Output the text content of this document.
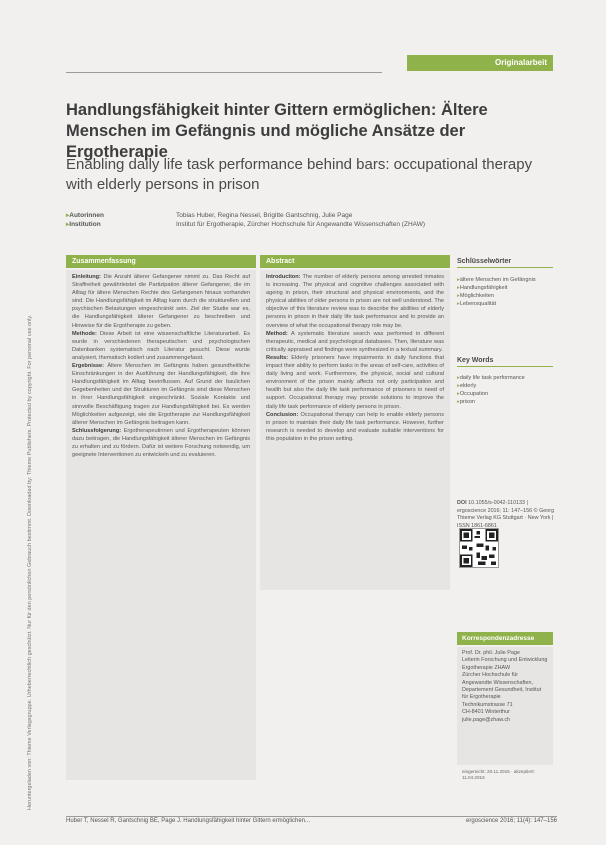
Originalarbeit
Heruntergeladen von: Thieme Verlagsgruppe. Urheberrechtlich geschützt. Nur für den persönlichen Gebrauch bestimmt. Downloaded by: Thieme Publishers. Protected by copyright. For personal use only.
Handlungsfähigkeit hinter Gittern ermöglichen: Ältere Menschen im Gefängnis und mögliche Ansätze der Ergotherapie
Enabling daily life task performance behind bars: occupational therapy with elderly persons in prison
▸ Autorinnen	Tobias Huber, Regina Nessel, Brigitte Gantschnig, Julie Page
▸ Institution	Institut für Ergotherapie, Zürcher Hochschule für Angewandte Wissenschaften (ZHAW)
Zusammenfassung

Einleitung: Die Anzahl älterer Gefangener nimmt zu. Das Recht auf Straffreiheit gewährleistet die Partizipation älterer Gefangener, die im Alltag für ältere Menschen Rechte des Gefangenen hinaus vorhanden sind. Die Handlungsfähigkeit im Alltag kann durch die strukturellen und psychischen Belastungen eingeschränkt sein. Ziel der Studie war es, die Handlungsfähigkeit älterer Gefangener zu beschreiben und Hinweise für die Ergotherapie zu geben.

Methode: Diese Arbeit ist eine wissenschaftliche Literaturarbeit. Es wurde in verschiedenen therapeutischen und psychologischen Datenbanken systematisch nach Literatur gesucht. Diese wurde analysiert, thematisch kodiert und zusammengefasst.

Ergebnisse: Ältere Menschen im Gefängnis haben gesundheitliche Einschränkungen in der Ausführung der Handlungsfähigkeit, die ihre Handlungsfähigkeit im Alltag beeinflussen. Auf Grund der baulichen Gegebenheiten und der Strukturen im Gefängnis sind diese Menschen in ihrer Handlungsfähigkeit eingeschränkt. Soziale Kontakte und sinnvolle Beschäftigung tragen zur Handlungsfähigkeit bei. Es werden Möglichkeiten aufgezeigt, wie die Ergotherapie zur Handlungsfähigkeit älterer Menschen im Gefängnis beitragen kann.

Schlussfolgerung: Ergotherapeutinnen und Ergotherapeuten können dazu beitragen, die Handlungsfähigkeit älterer Menschen im Gefängnis zu erhalten und zu fördern. Dafür ist weitere Forschung notwendig, um geeignete Interventionen zu entwickeln und zu evaluieren.

Abstract

Introduction: The number of elderly persons among arrested inmates is increasing. The physical and cognitive challenges associated with ageing in prison, their structural and physical environments, and the physical abilities of older persons in prison are not well understood. The objective of this literature review was to describe the abilities of elderly persons in prison in their daily life task performance and to provide an overview of what the occupational therapy role may be.

Method: A systematic literature search was performed in different therapeutic, medical and psychological databases. Then, literature was critically appraised and findings were synthesized in a textual summary.

Results: Elderly prisoners have impairments in daily functions that impact their ability to perform tasks in the areas of self-care, activities of daily living and work. Furthermore, the physical, social and cultural environment of the prison mainly affects not only participation and health but also the daily life task performance of prisoners in need of support. Occupational therapy may provide solutions to improve the daily life task performance of elderly persons in prison.

Conclusion: Occupational therapy can help to enable elderly persons in prison to maintain their daily life task performance. However, further research is needed to develop and evaluate suitable interventions for this population in the prison setting.

Schlüsselwörter
▸ ältere Menschen im Gefängnis
▸ Handlungsfähigkeit
▸ Möglichkeiten
▸ Lebensqualität
Key Words
▸ daily life task performance
▸ elderly
▸ Occupation
▸ prison
DOI 10.1055/s-0042-110133 | ergoscience 2016; 11: 147–156 © Georg Thieme Verlag KG Stuttgart · New York | ISSN 1861-6861
Korrespondenzadresse
Prof. Dr. phil. Julie Page
Leiterin Forschung und Entwicklung
Ergotherapie ZHAW
Zürcher Hochschule für Angewandte Wissenschaften, Departement Gesundheit, Institut für Ergotherapie
Technikumstrasse 71
CH-8401 Winterthur
julie.page@zhaw.ch
eingereicht: 20.11.2015 · akzeptiert: 11.04.2016
Huber T, Nessel R, Gantschnig BE, Page J. Handlungsfähigkeit hinter Gittern ermöglichen...	ergoscience 2016; 11(4): 147–156
